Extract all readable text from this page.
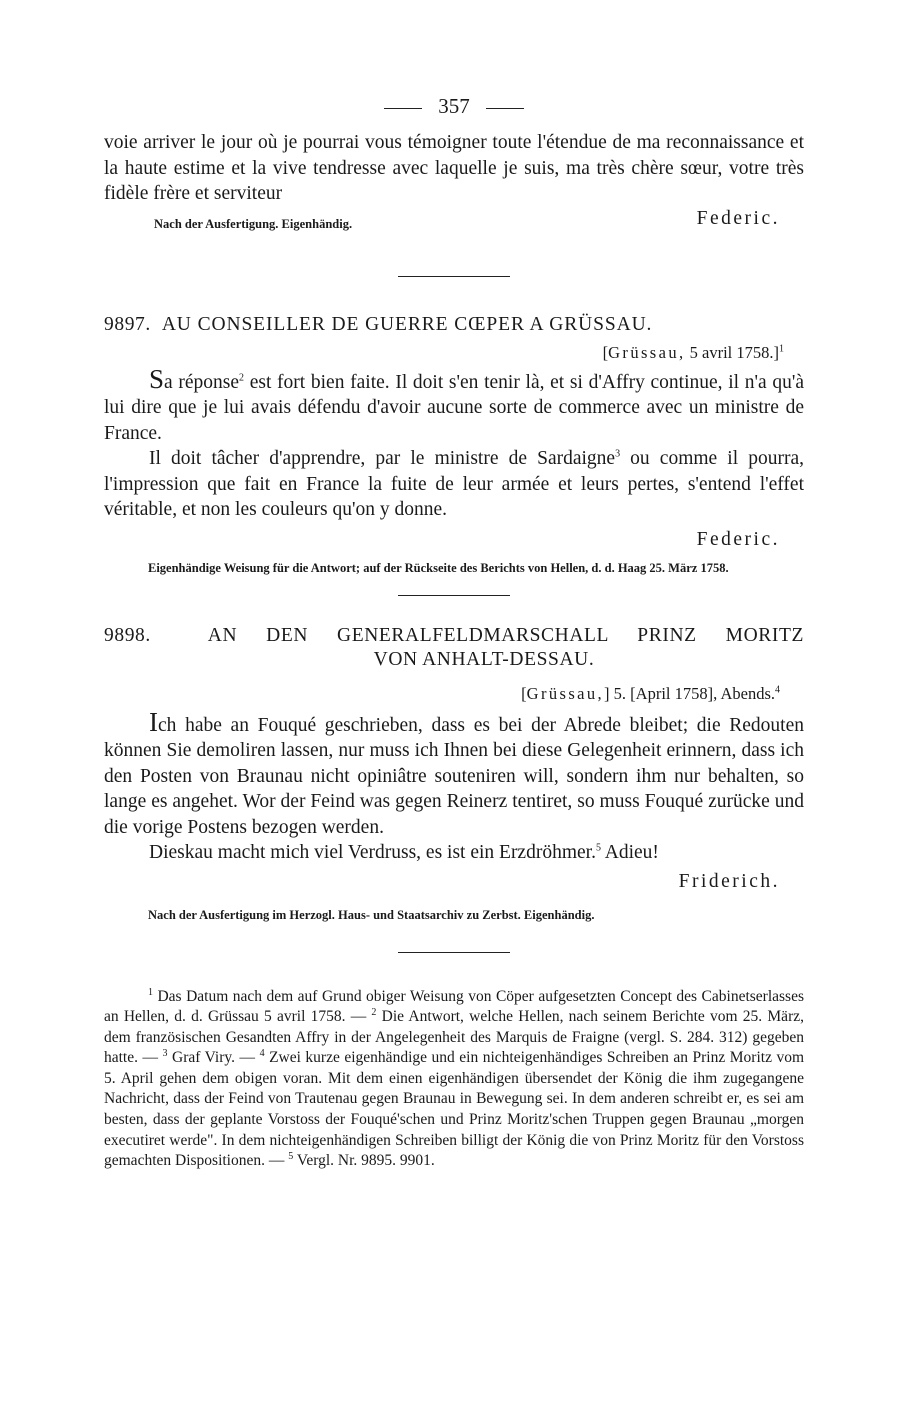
357

voie arriver le jour où je pourrai vous témoigner toute l'étendue de ma reconnaissance et la haute estime et la vive tendresse avec laquelle je suis, ma très chère sœur, votre très fidèle frère et serviteur

Nach der Ausfertigung. Eigenhändig.	Federic.

9897. AU CONSEILLER DE GUERRE CŒPER A GRÜSSAU.

[Grüssau, 5 avril 1758.]$^1$

Sa réponse$^2$ est fort bien faite. Il doit s'en tenir là, et si d'Affry continue, il n'a qu'à lui dire que je lui avais défendu d'avoir aucune sorte de commerce avec un ministre de France.

Il doit tâcher d'apprendre, par le ministre de Sardaigne$^3$ ou comme il pourra, l'impression que fait en France la fuite de leur armée et leurs pertes, s'entend l'effet véritable, et non les couleurs qu'on y donne.

Federic.

Eigenhändige Weisung für die Antwort; auf der Rückseite des Berichts von Hellen, d. d. Haag 25. März 1758.

9898.	AN DEN GENERALFELDMARSCHALL PRINZ MORITZ

VON ANHALT-DESSAU.

[Grüssau,] 5. [April 1758], Abends.$^4$

Ich habe an Fouqué geschrieben, dass es bei der Abrede bleibet; die Redouten können Sie demoliren lassen, nur muss ich Ihnen bei diese Gelegenheit erinnern, dass ich den Posten von Braunau nicht opiniâtre souteniren will, sondern ihm nur behalten, so lange es angehet. Wor der Feind was gegen Reinerz tentiret, so muss Fouqué zurücke und die vorige Postens bezogen werden.

Dieskau macht mich viel Verdruss, es ist ein Erzdröhmer.$^5$ Adieu!

Friderich.

Nach der Ausfertigung im Herzogl. Haus- und Staatsarchiv zu Zerbst. Eigenhändig.

$^1$ Das Datum nach dem auf Grund obiger Weisung von Cöper aufgesetzten Concept des Cabinetserlasses an Hellen, d. d. Grüssau 5 avril 1758. — $^2$ Die Antwort, welche Hellen, nach seinem Berichte vom 25. März, dem französischen Gesandten Affry in der Angelegenheit des Marquis de Fraigne (vergl. S. 284. 312) gegeben hatte. — $^3$ Graf Viry. — $^4$ Zwei kurze eigenhändige und ein nichteigenhändiges Schreiben an Prinz Moritz vom 5. April gehen dem obigen voran. Mit dem einen eigenhändigen übersendet der König die ihm zugegangene Nachricht, dass der Feind von Trautenau gegen Braunau in Bewegung sei. In dem anderen schreibt er, es sei am besten, dass der geplante Vorstoss der Fouqué'schen und Prinz Moritz'schen Truppen gegen Braunau „morgen executiret werde". In dem nichteigenhändigen Schreiben billigt der König die von Prinz Moritz für den Vorstoss gemachten Dispositionen. — $^5$ Vergl. Nr. 9895. 9901.
